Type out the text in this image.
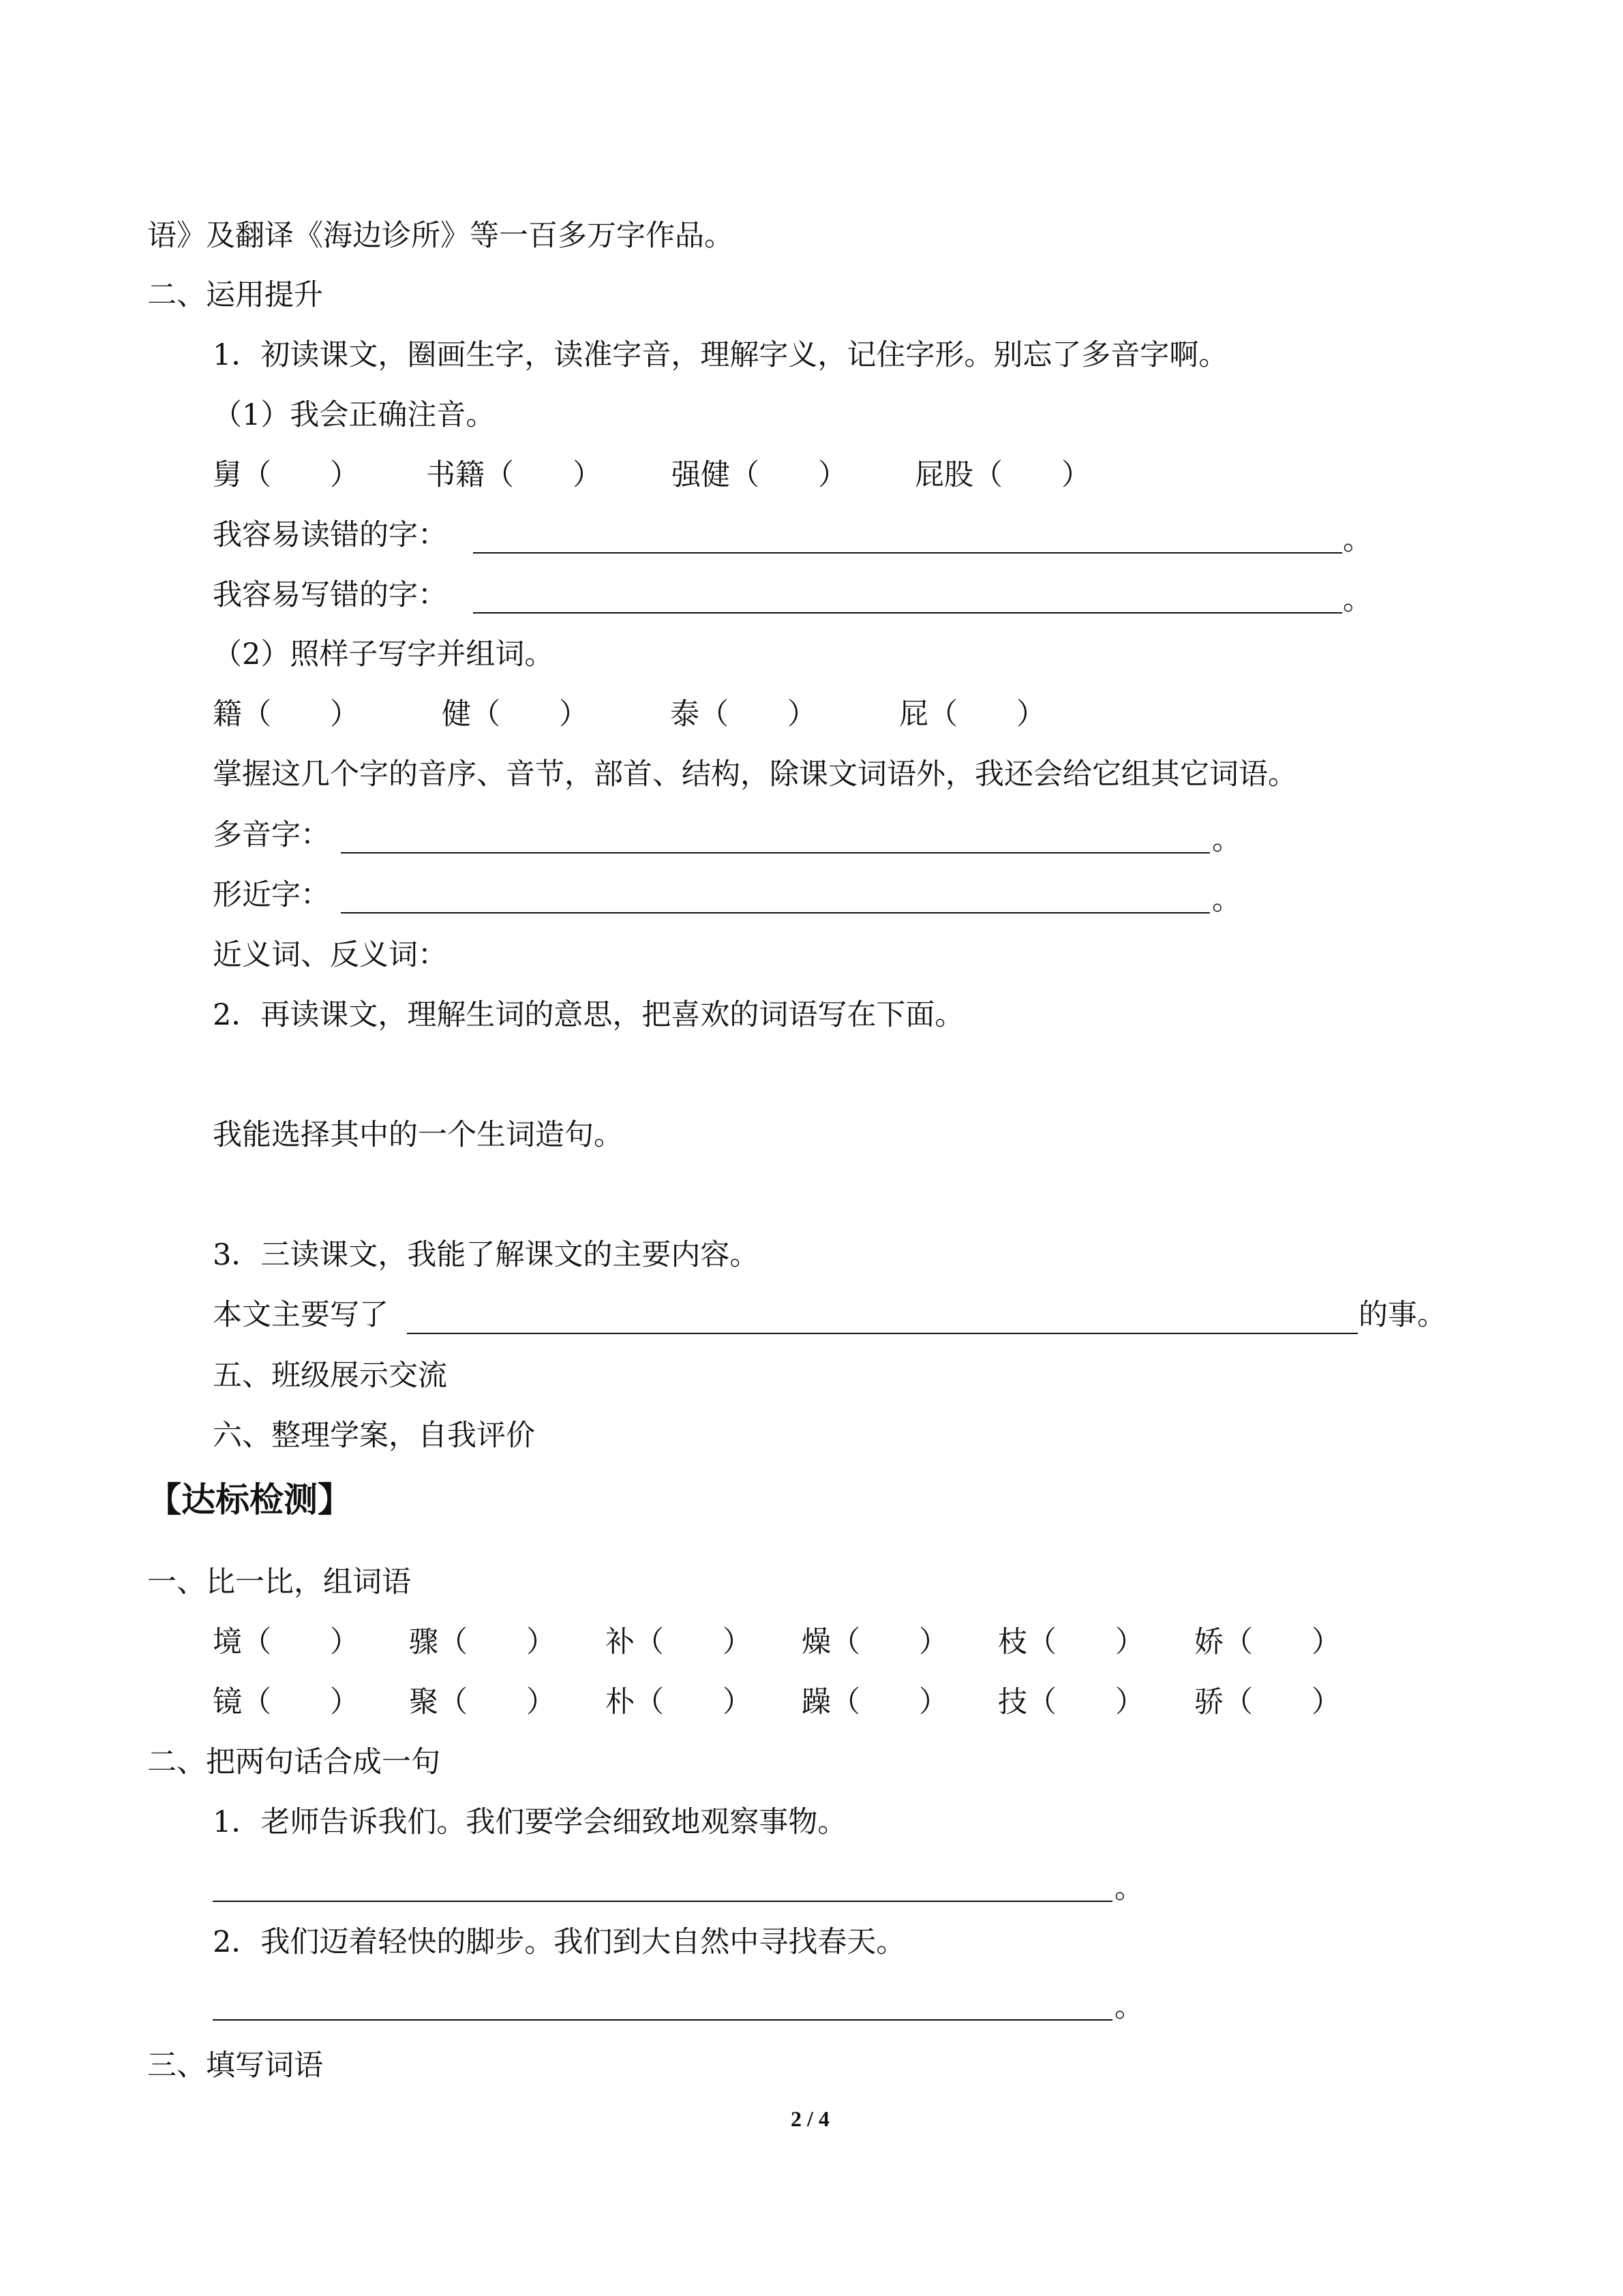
语》及翻译《海边诊所》等一百多万字作品。
二、运用提升
1．初读课文，圈画生字，读准字音，理解字义，记住字形。别忘了多音字啊。
（1）我会正确注音。
舅（　　） 书籍（　　） 强健（　　） 屁股（　　）
我容易读错的字：	。
我容易写错的字：	。
（2）照样子写字并组词。
籍（　　）	健（　　）	泰（　　）	屁（　　）
掌握这几个字的音序、音节，部首、结构，除课文词语外，我还会给它组其它词语。
多音字：	。
形近字：	。
近义词、反义词：
2．再读课文，理解生词的意思，把喜欢的词语写在下面。
我能选择其中的一个生词造句。
3．三读课文，我能了解课文的主要内容。
本文主要写了	的事。
五、班级展示交流
六、整理学案，自我评价
【达标检测】
一、比一比，组词语
境（　　） 骤（　　） 补（　　） 燥（　　） 枝（　　） 娇（　　）
镜（　　） 聚（　　） 朴（　　） 躁（　　） 技（　　） 骄（　　）
二、把两句话合成一句
1．老师告诉我们。我们要学会细致地观察事物。
。
2．我们迈着轻快的脚步。我们到大自然中寻找春天。
。
三、填写词语
2 / 4
